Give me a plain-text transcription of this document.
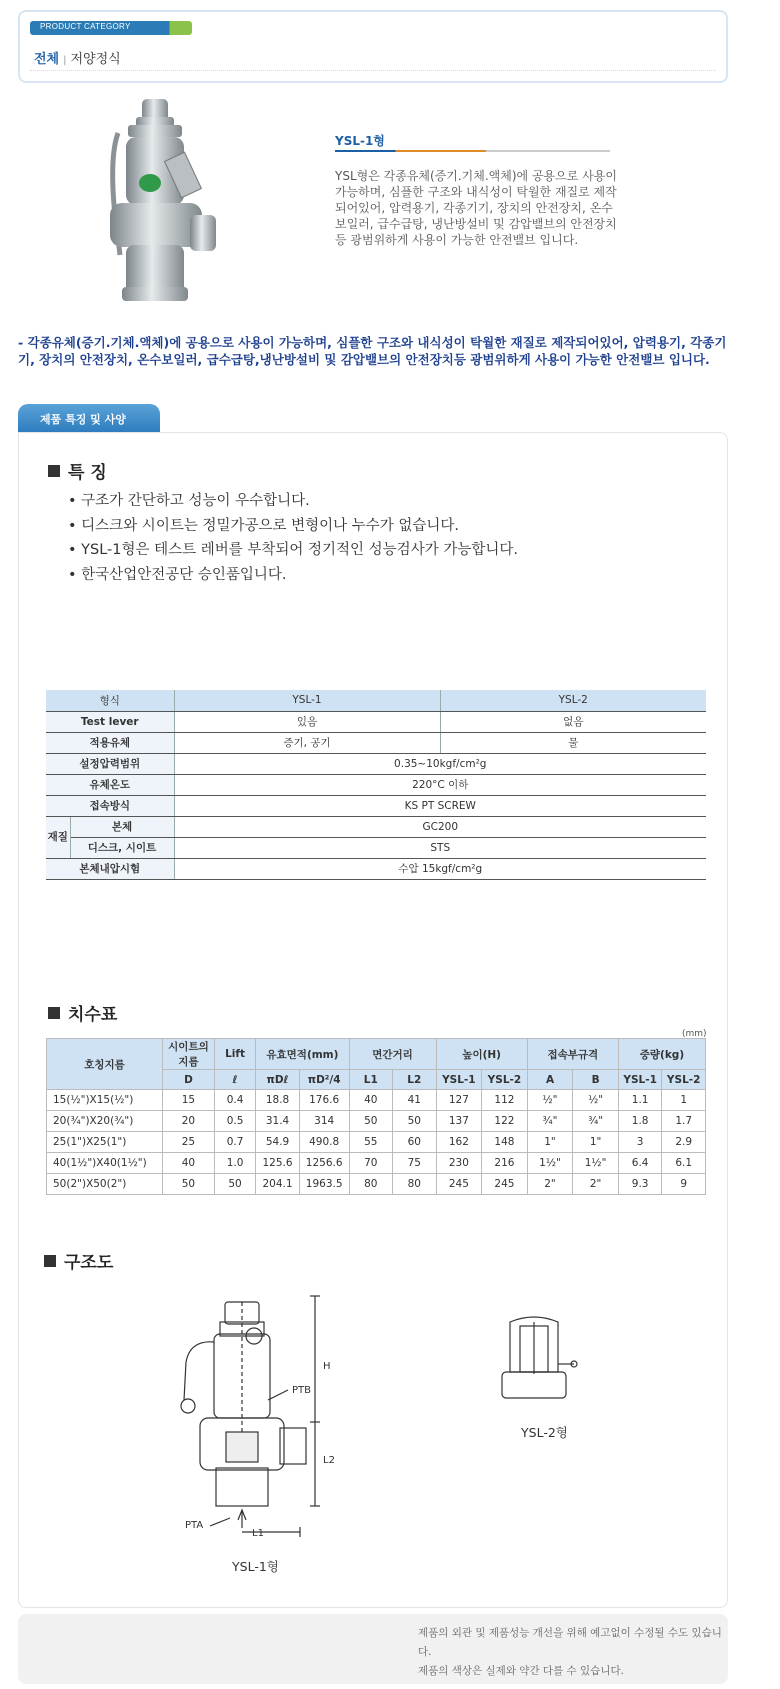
PRODUCT CATEGORY
전체 | 저양정식
YSL-1형
YSL형은 각종유체(증기.기체.액체)에 공용으로 사용이 가능하며, 심플한 구조와 내식성이 탁월한 재질로 제작되어있어, 압력용기, 각종기기, 장치의 안전장치, 온수보일러, 급수급탕, 냉난방설비 및 감압밸브의 안전장치등 광범위하게 사용이 가능한 안전밸브 입니다.
- 각종유체(증기.기체.액체)에 공용으로 사용이 가능하며, 심플한 구조와 내식성이 탁월한 재질로 제작되어있어, 압력용기, 각종기기, 장치의 안전장치, 온수보일러, 급수급탕,냉난방설비 및 감압밸브의 안전장치등 광범위하게 사용이 가능한 안전밸브 입니다.
제품 특징 및 사양
특 징
• 구조가 간단하고 성능이 우수합니다.
• 디스크와 시이트는 정밀가공으로 변형이나 누수가 없습니다.
• YSL-1형은 테스트 레버를 부착되어 정기적인 성능검사가 가능합니다.
• 한국산업안전공단 승인품입니다.
형식		YSL-1	YSL-2
Test lever		있음	없음
적용유체		증기, 공기	물
설정압력범위		0.35~10kgf/cm²g	
유체온도		220°C 이하	
접속방식		KS PT SCREW	
재질	본체	GC200	
	디스크, 시이트	STS	
본체내압시험		수압 15kgf/cm²g	
치수표
(mm)
호칭지름	시이트의 지름	Lift	유효면적(mm)		면간거리		높이(H)		접속부규격		중량(kg)	
	D	ℓ	πDℓ	πD²/4	L1	L2	YSL-1	YSL-2	A	B	YSL-1	YSL-2
15(½")X15(½")	15	0.4	18.8	176.6	40	41	127	112	½"	½"	1.1	1
20(¾")X20(¾")	20	0.5	31.4	314	50	50	137	122	¾"	¾"	1.8	1.7
25(1")X25(1")	25	0.7	54.9	490.8	55	60	162	148	1"	1"	3	2.9
40(1½")X40(1½")	40	1.0	125.6	1256.6	70	75	230	216	1½"	1½"	6.4	6.1
50(2")X50(2")	50	50	204.1	1963.5	80	80	245	245	2"	2"	9.3	9
구조도
H
L2
L1
PTB
PTA
YSL-1형
YSL-2형
제품의 외관 및 제품성능 개선을 위해 예고없이 수정될 수도 있습니다.
제품의 색상은 실제와 약간 다를 수 있습니다.
